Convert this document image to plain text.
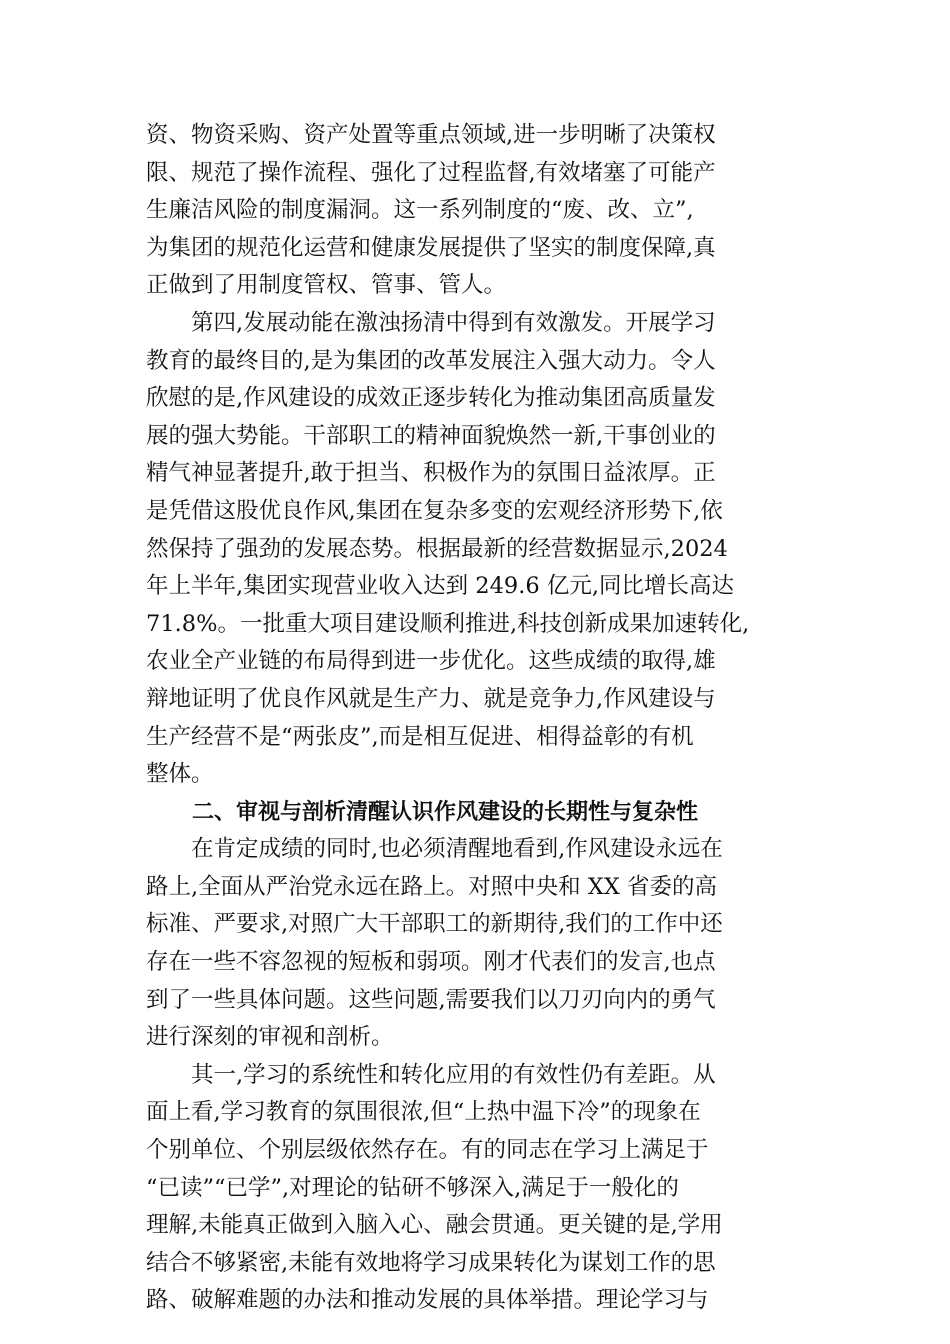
资、物资采购、资产处置等重点领域,进一步明晰了决策权
限、规范了操作流程、强化了过程监督,有效堵塞了可能产
生廉洁风险的制度漏洞。这一系列制度的“废、改、立”,
为集团的规范化运营和健康发展提供了坚实的制度保障,真
正做到了用制度管权、管事、管人。
　　第四,发展动能在激浊扬清中得到有效激发。开展学习
教育的最终目的,是为集团的改革发展注入强大动力。令人
欣慰的是,作风建设的成效正逐步转化为推动集团高质量发
展的强大势能。干部职工的精神面貌焕然一新,干事创业的
精气神显著提升,敢于担当、积极作为的氛围日益浓厚。正
是凭借这股优良作风,集团在复杂多变的宏观经济形势下,依
然保持了强劲的发展态势。根据最新的经营数据显示,2024
年上半年,集团实现营业收入达到 249.6 亿元,同比增长高达
71.8%。一批重大项目建设顺利推进,科技创新成果加速转化,
农业全产业链的布局得到进一步优化。这些成绩的取得,雄
辩地证明了优良作风就是生产力、就是竞争力,作风建设与
生产经营不是“两张皮”,而是相互促进、相得益彰的有机
整体。
二、审视与剖析清醒认识作风建设的长期性与复杂性
　　在肯定成绩的同时,也必须清醒地看到,作风建设永远在
路上,全面从严治党永远在路上。对照中央和 XX 省委的高
标准、严要求,对照广大干部职工的新期待,我们的工作中还
存在一些不容忽视的短板和弱项。刚才代表们的发言,也点
到了一些具体问题。这些问题,需要我们以刀刃向内的勇气
进行深刻的审视和剖析。
　　其一,学习的系统性和转化应用的有效性仍有差距。从
面上看,学习教育的氛围很浓,但“上热中温下冷”的现象在
个别单位、个别层级依然存在。有的同志在学习上满足于
“已读”“已学”,对理论的钻研不够深入,满足于一般化的
理解,未能真正做到入脑入心、融会贯通。更关键的是,学用
结合不够紧密,未能有效地将学习成果转化为谋划工作的思
路、破解难题的办法和推动发展的具体举措。理论学习与
